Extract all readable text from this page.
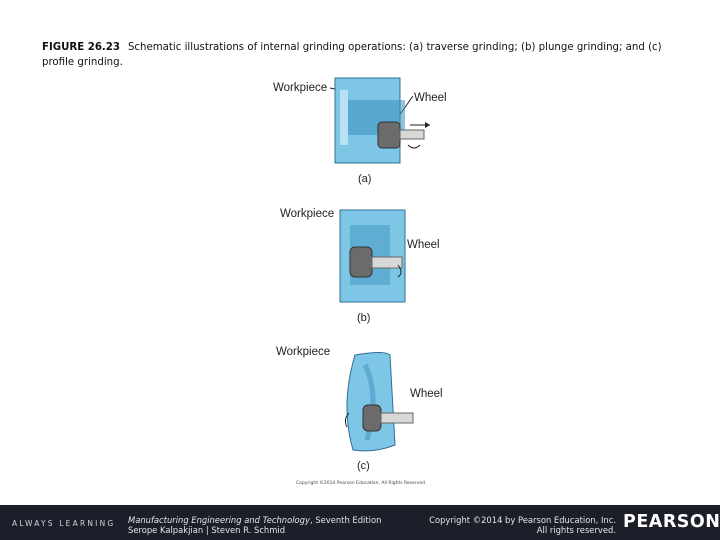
FIGURE 26.23 Schematic illustrations of internal grinding operations: (a) traverse grinding; (b) plunge grinding; and (c) profile grinding.
Workpiece
Wheel
(a)
Workpiece
Wheel
(b)
Workpiece
Wheel
(c)
Copyright ©2014 Pearson Education, All Rights Reserved
ALWAYS LEARNING Manufacturing Engineering and Technology, Seventh Edition
Serope Kalpakjian | Steven R. Schmid
Copyright ©2014 by Pearson Education, Inc.
All rights reserved. PEARSON
